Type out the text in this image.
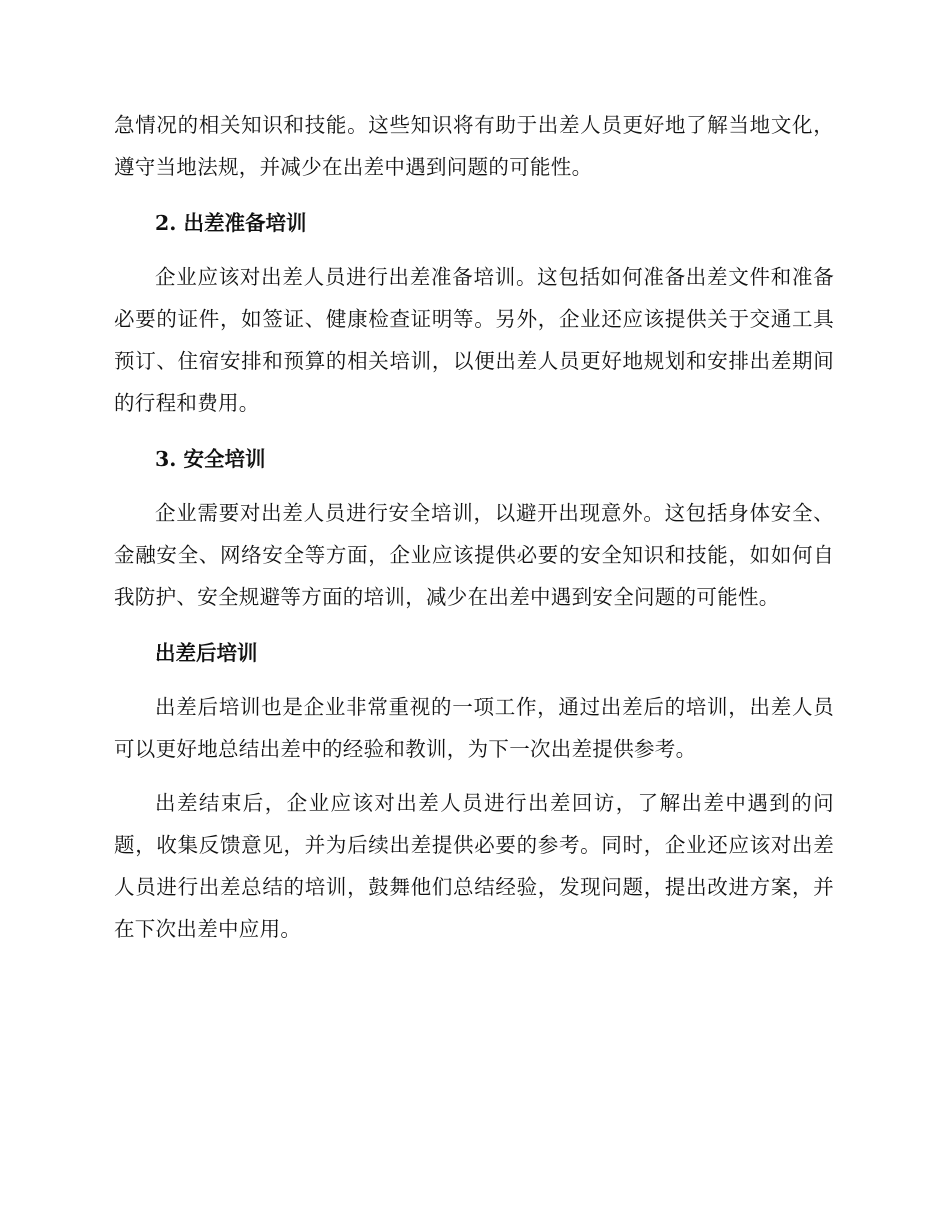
急情况的相关知识和技能。这些知识将有助于出差人员更好地了解当地文化，遵守当地法规，并减少在出差中遇到问题的可能性。

2. 出差准备培训

企业应该对出差人员进行出差准备培训。这包括如何准备出差文件和准备必要的证件，如签证、健康检查证明等。另外，企业还应该提供关于交通工具预订、住宿安排和预算的相关培训，以便出差人员更好地规划和安排出差期间的行程和费用。

3. 安全培训

企业需要对出差人员进行安全培训，以避开出现意外。这包括身体安全、金融安全、网络安全等方面，企业应该提供必要的安全知识和技能，如如何自我防护、安全规避等方面的培训，减少在出差中遇到安全问题的可能性。

出差后培训

出差后培训也是企业非常重视的一项工作，通过出差后的培训，出差人员可以更好地总结出差中的经验和教训，为下一次出差提供参考。

出差结束后，企业应该对出差人员进行出差回访，了解出差中遇到的问题，收集反馈意见，并为后续出差提供必要的参考。同时，企业还应该对出差人员进行出差总结的培训，鼓舞他们总结经验，发现问题，提出改进方案，并在下次出差中应用。
